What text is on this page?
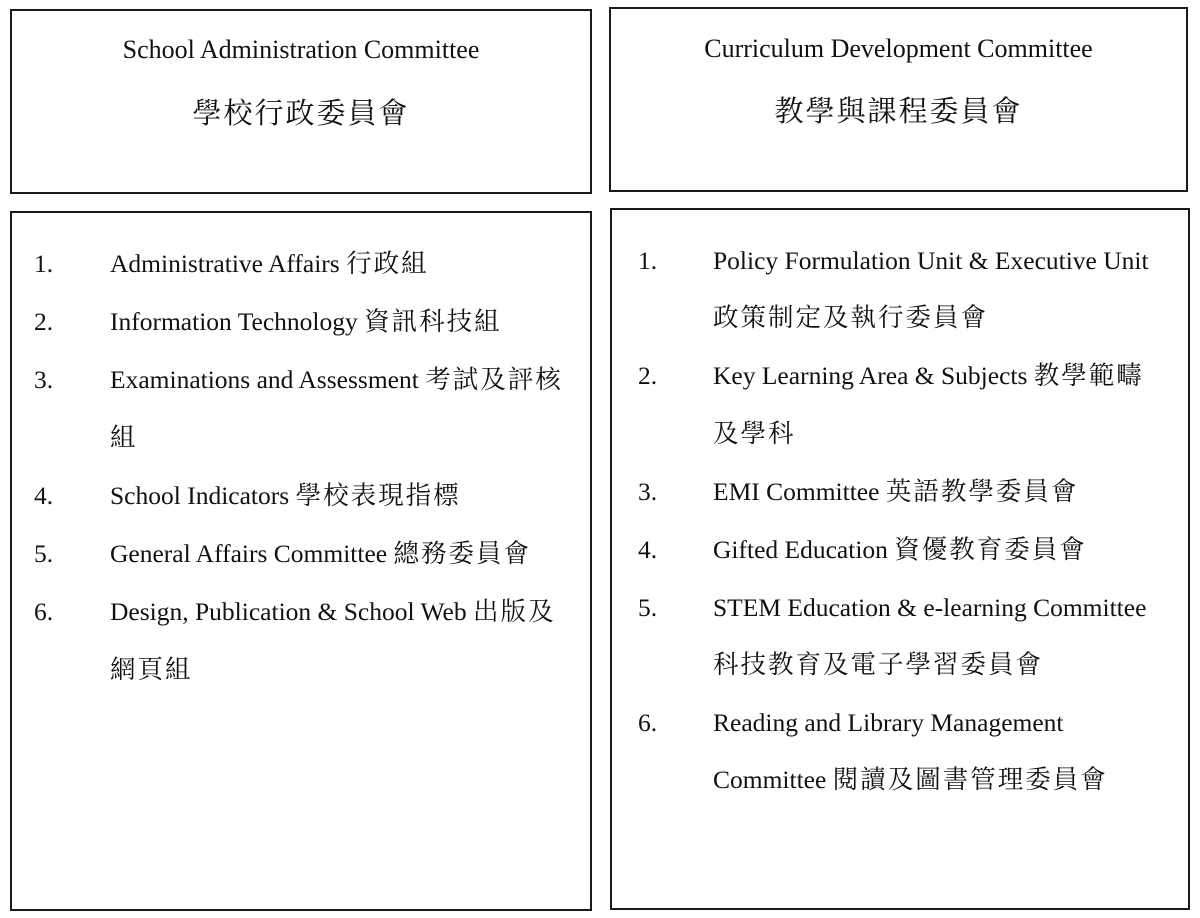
School Administration Committee
學校行政委員會
Curriculum Development Committee
教學與課程委員會
1.	Administrative Affairs 行政組
2.	Information Technology 資訊科技組
3.	Examinations and Assessment 考試及評核組
4.	School Indicators 學校表現指標
5.	General Affairs Committee 總務委員會
6.	Design, Publication & School Web 出版及網頁組
1.	Policy Formulation Unit & Executive Unit 政策制定及執行委員會
2.	Key Learning Area & Subjects 教學範疇及學科
3.	EMI Committee 英語教學委員會
4.	Gifted Education 資優教育委員會
5.	STEM Education & e-learning Committee 科技教育及電子學習委員會
6.	Reading and Library Management Committee 閱讀及圖書管理委員會
